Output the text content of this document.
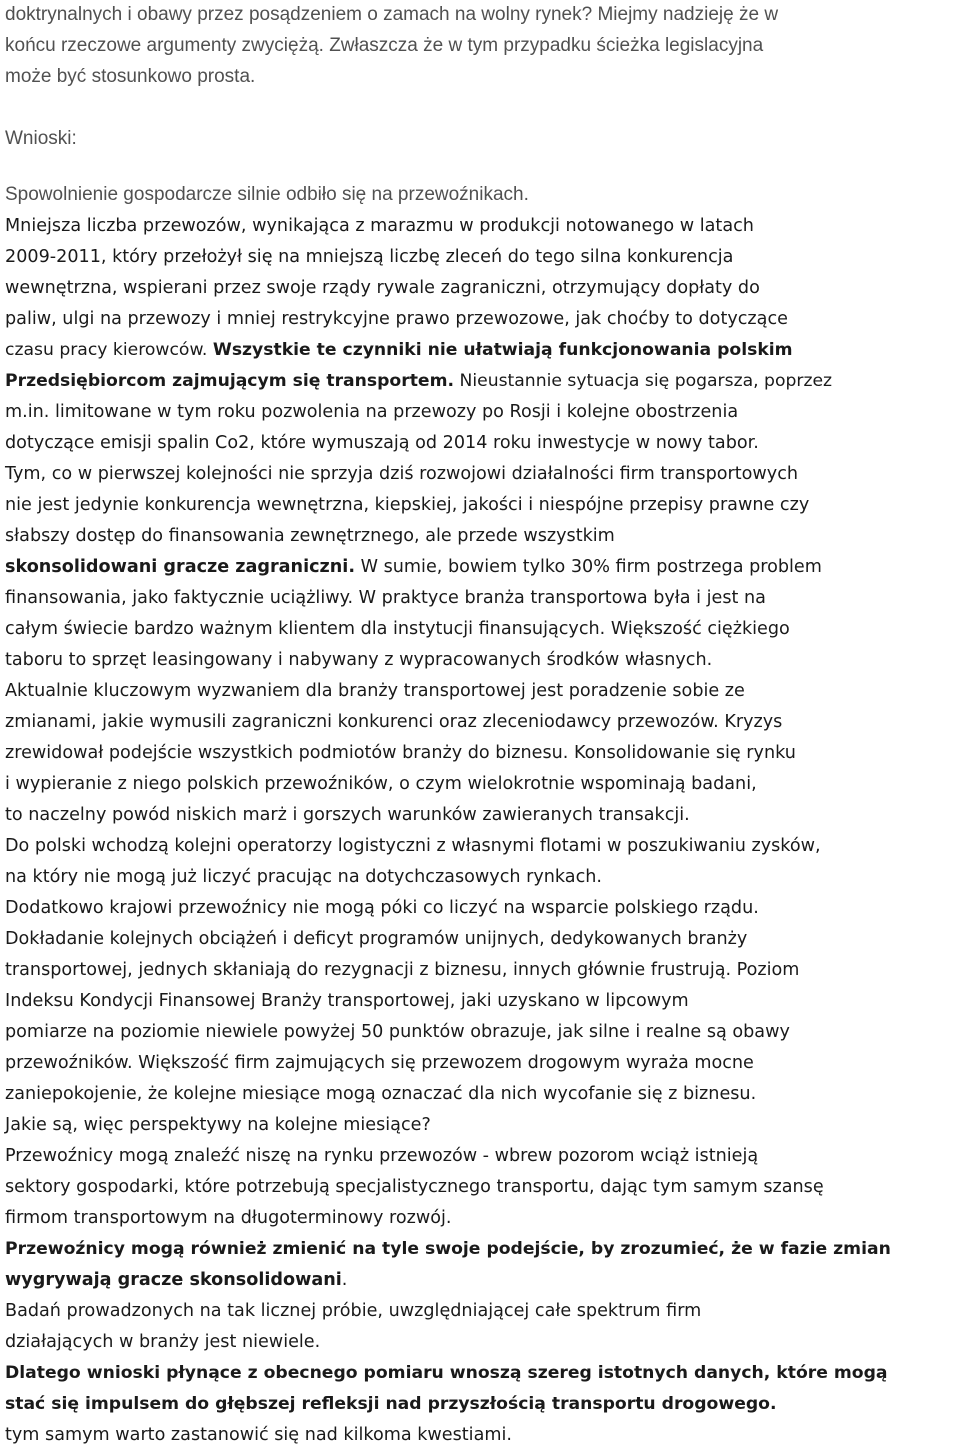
doktrynalnych i obawy przez posądzeniem o zamach na wolny rynek? Miejmy nadzieję że w
końcu rzeczowe argumenty zwyciężą. Zwłaszcza że w tym przypadku ścieżka legislacyjna
może być stosunkowo prosta.
Wnioski:
Spowolnienie gospodarcze silnie odbiło się na przewoźnikach.
Mniejsza liczba przewozów, wynikająca z marazmu w produkcji notowanego w latach
2009-2011, który przełożył się na mniejszą liczbę zleceń do tego silna konkurencja
wewnętrzna, wspierani przez swoje rządy rywale zagraniczni, otrzymujący dopłaty do
paliw, ulgi na przewozy i mniej restrykcyjne prawo przewozowe, jak choćby to dotyczące
czasu pracy kierowców. Wszystkie te czynniki nie ułatwiają funkcjonowania polskim
Przedsiębiorcom zajmującym się transportem. Nieustannie sytuacja się pogarsza, poprzez
m.in. limitowane w tym roku pozwolenia na przewozy po Rosji i kolejne obostrzenia
dotyczące emisji spalin Co2, które wymuszają od 2014 roku inwestycje w nowy tabor.
Tym, co w pierwszej kolejności nie sprzyja dziś rozwojowi działalności firm transportowych
nie jest jedynie konkurencja wewnętrzna, kiepskiej, jakości i niespójne przepisy prawne czy
słabszy dostęp do finansowania zewnętrznego, ale przede wszystkim
skonsolidowani gracze zagraniczni. W sumie, bowiem tylko 30% firm postrzega problem
finansowania, jako faktycznie uciążliwy. W praktyce branża transportowa była i jest na
całym świecie bardzo ważnym klientem dla instytucji finansujących. Większość ciężkiego
taboru to sprzęt leasingowany i nabywany z wypracowanych środków własnych.
Aktualnie kluczowym wyzwaniem dla branży transportowej jest poradzenie sobie ze
zmianami, jakie wymusili zagraniczni konkurenci oraz zleceniodawcy przewozów. Kryzys
zrewidował podejście wszystkich podmiotów branży do biznesu. Konsolidowanie się rynku
i wypieranie z niego polskich przewoźników, o czym wielokrotnie wspominają badani,
to naczelny powód niskich marż i gorszych warunków zawieranych transakcji.
Do polski wchodzą kolejni operatorzy logistyczni z własnymi flotami w poszukiwaniu zysków,
na który nie mogą już liczyć pracując na dotychczasowych rynkach.
Dodatkowo krajowi przewoźnicy nie mogą póki co liczyć na wsparcie polskiego rządu.
Dokładanie kolejnych obciążeń i deficyt programów unijnych, dedykowanych branży
transportowej, jednych skłaniają do rezygnacji z biznesu, innych głównie frustrują. Poziom
Indeksu Kondycji Finansowej Branży transportowej, jaki uzyskano w lipcowym
pomiarze na poziomie niewiele powyżej 50 punktów obrazuje, jak silne i realne są obawy
przewoźników. Większość firm zajmujących się przewozem drogowym wyraża mocne
zaniepokojenie, że kolejne miesiące mogą oznaczać dla nich wycofanie się z biznesu.
Jakie są, więc perspektywy na kolejne miesiące?
Przewoźnicy mogą znaleźć niszę na rynku przewozów - wbrew pozorom wciąż istnieją
sektory gospodarki, które potrzebują specjalistycznego transportu, dając tym samym szansę
firmom transportowym na długoterminowy rozwój.
Przewoźnicy mogą również zmienić na tyle swoje podejście, by zrozumieć, że w fazie zmian
wygrywają gracze skonsolidowani.
Badań prowadzonych na tak licznej próbie, uwzględniającej całe spektrum firm
działających w branży jest niewiele.
Dlatego wnioski płynące z obecnego pomiaru wnoszą szereg istotnych danych, które mogą
stać się impulsem do głębszej refleksji nad przyszłością transportu drogowego.
tym samym warto zastanowić się nad kilkoma kwestiami.
